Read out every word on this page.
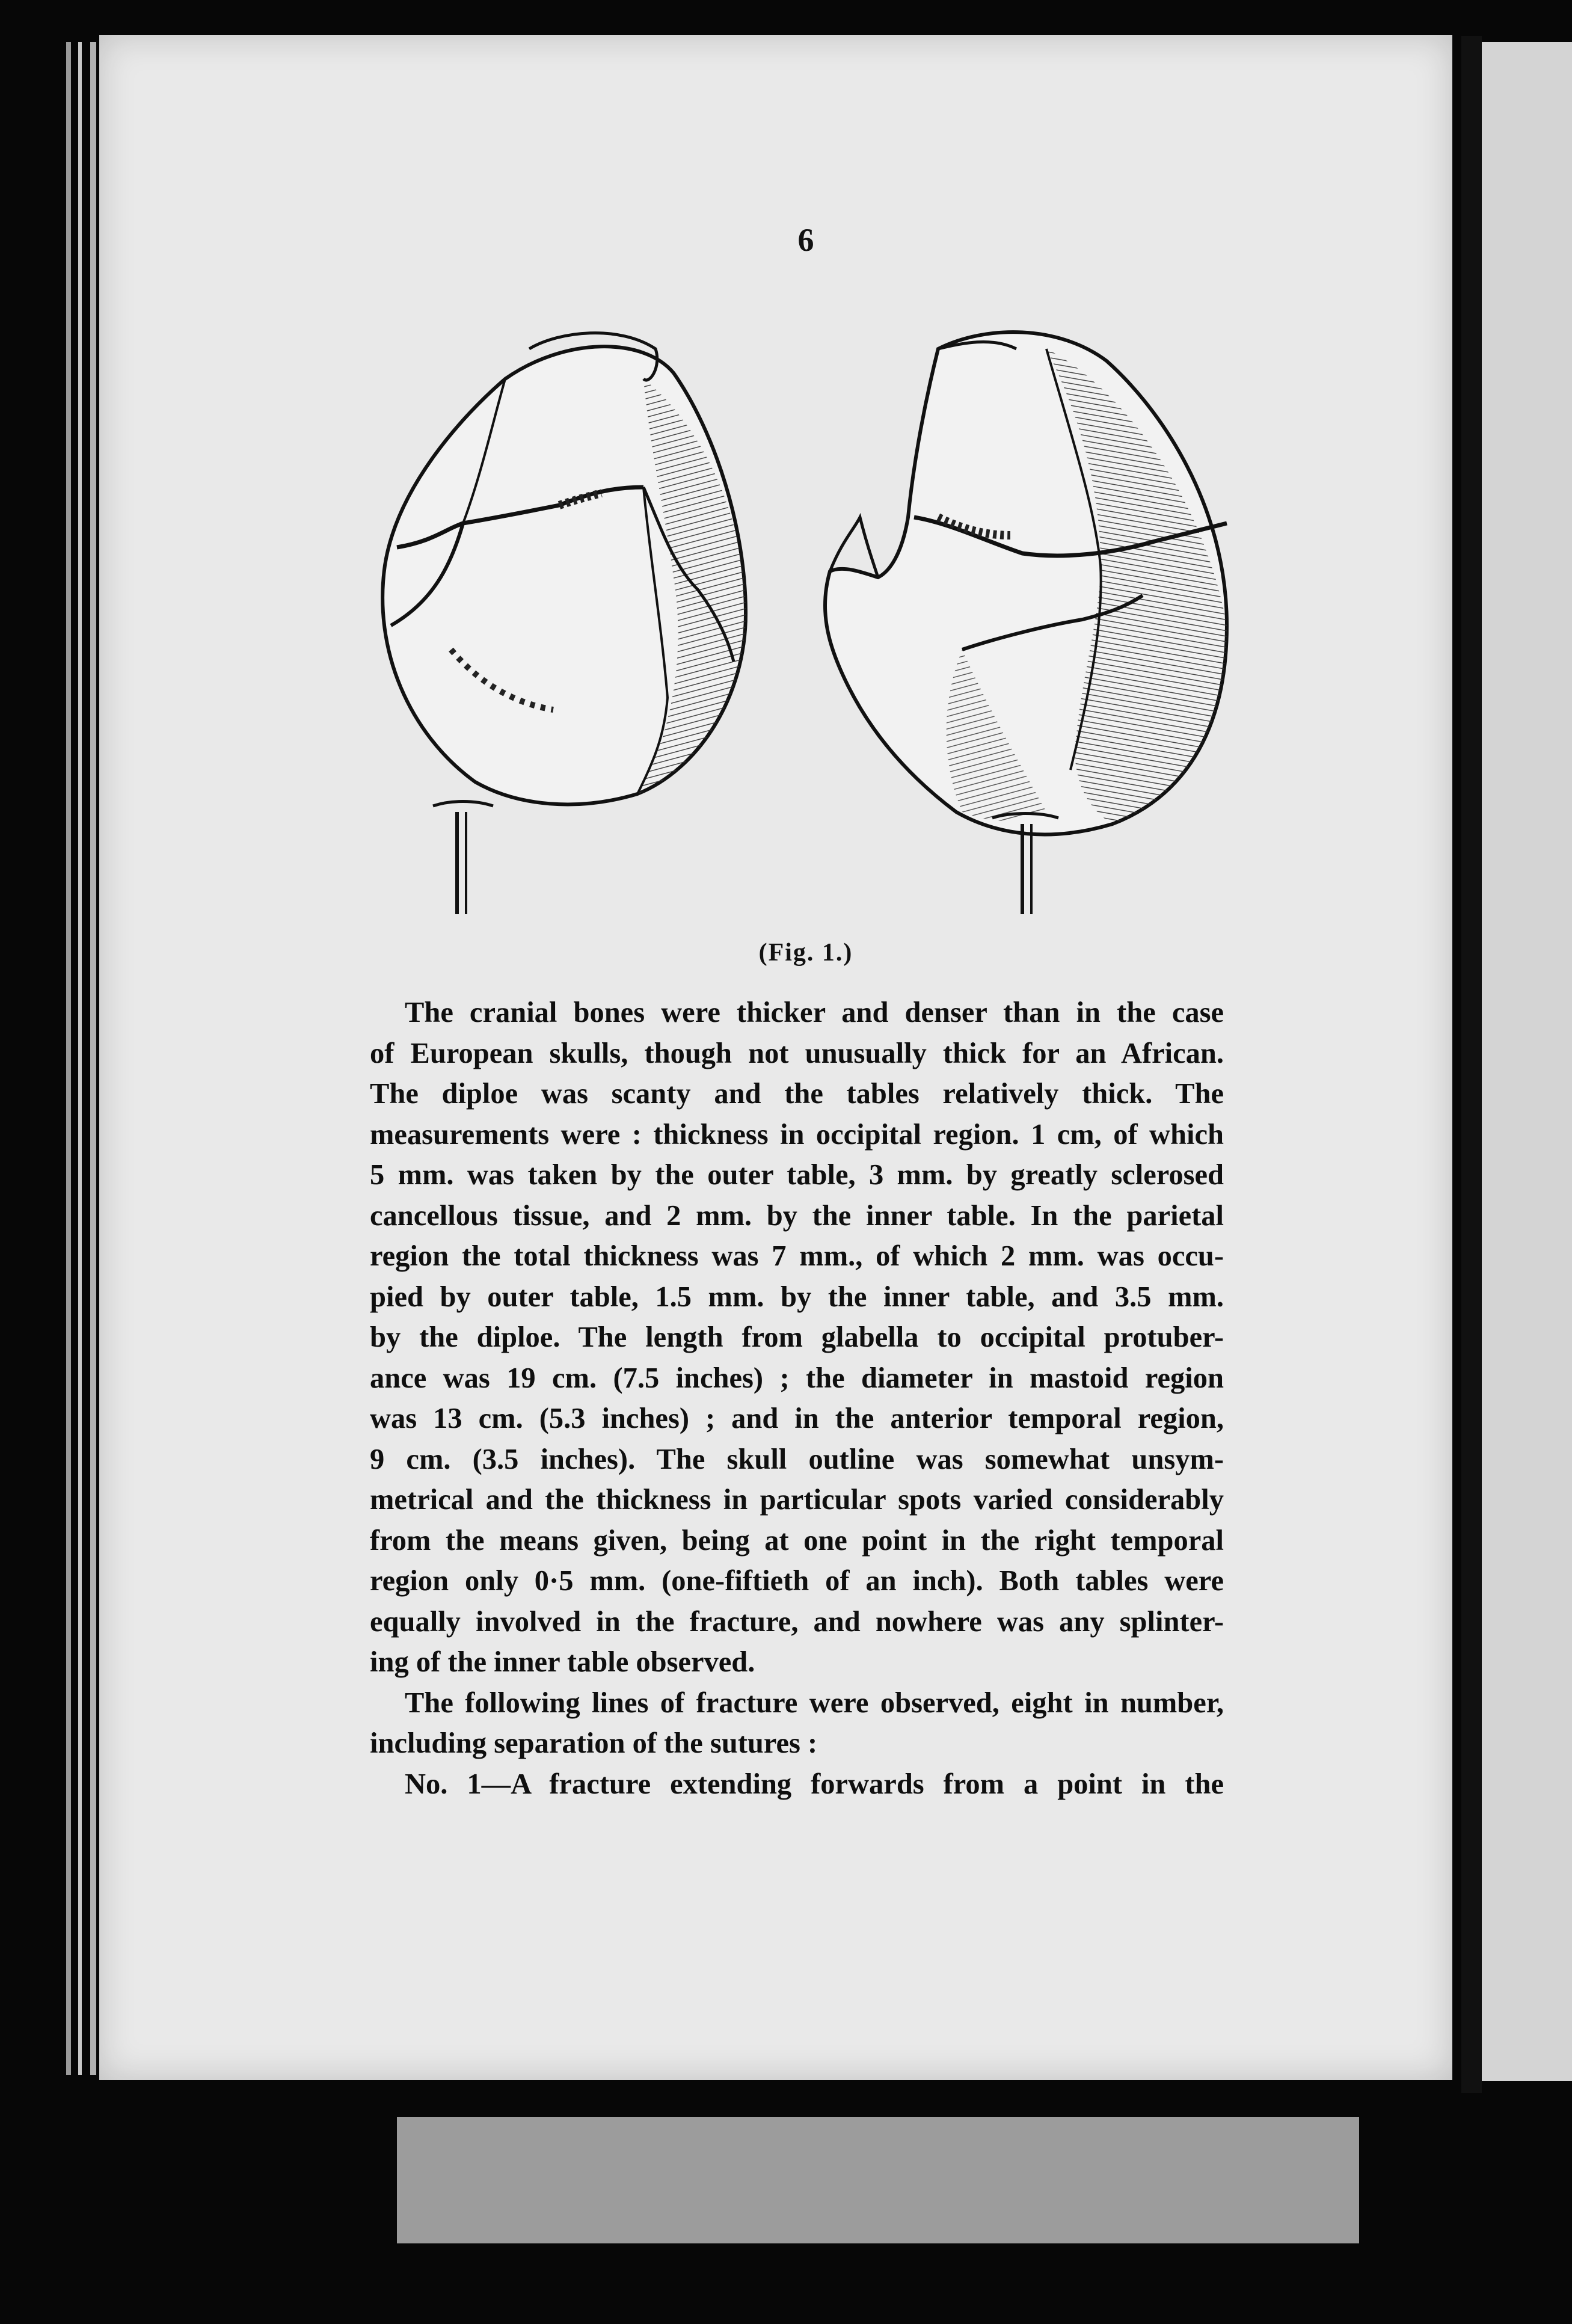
6
(Fig. 1.)

The cranial bones were thicker and denser than in the case

of European skulls, though not unusually thick for an African.

The diploe was scanty and the tables relatively thick. The

measurements were : thickness in occipital region. 1 cm, of which

5 mm. was taken by the outer table, 3 mm. by greatly sclerosed

cancellous tissue, and 2 mm. by the inner table. In the parietal

region the total thickness was 7 mm., of which 2 mm. was occu-

pied by outer table, 1.5 mm. by the inner table, and 3.5 mm.

by the diploe. The length from glabella to occipital protuber-

ance was 19 cm. (7.5 inches) ; the diameter in mastoid region

was 13 cm. (5.3 inches) ; and in the anterior temporal region,

9 cm. (3.5 inches). The skull outline was somewhat unsym-

metrical and the thickness in particular spots varied considerably

from the means given, being at one point in the right temporal

region only 0·5 mm. (one-fiftieth of an inch). Both tables were

equally involved in the fracture, and nowhere was any splinter-

ing of the inner table observed.

The following lines of fracture were observed, eight in number,

including separation of the sutures :

No. 1—A fracture extending forwards from a point in the
